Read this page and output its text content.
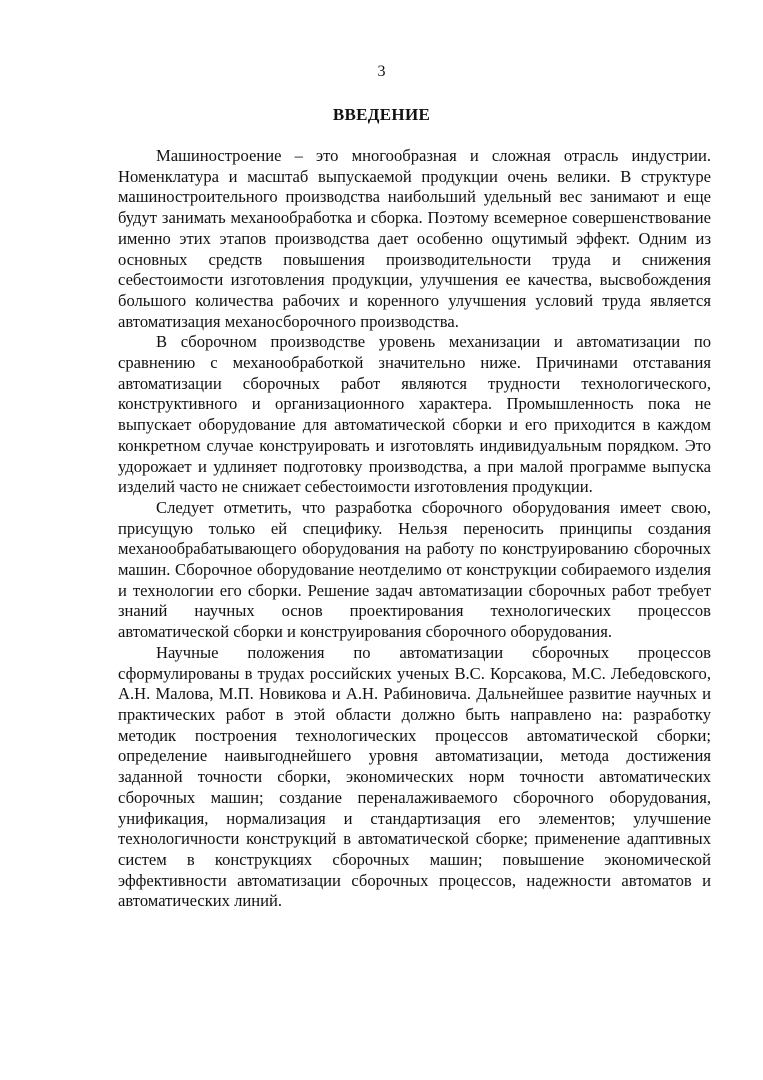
3
ВВЕДЕНИЕ

Машиностроение – это многообразная и сложная отрасль индустрии. Номенклатура и масштаб выпускаемой продукции очень велики. В структуре машиностроительного производства наибольший удельный вес занимают и еще будут занимать механообработка и сборка. Поэтому всемерное совершенствование именно этих этапов производства дает особенно ощутимый эффект. Одним из основных средств повышения производительности труда и снижения себестоимости изготовления продукции, улучшения ее качества, высвобождения большого количества рабочих и коренного улучшения условий труда является автоматизация механосборочного производства.

В сборочном производстве уровень механизации и автоматизации по сравнению с механообработкой значительно ниже. Причинами отставания автоматизации сборочных работ являются трудности технологического, конструктивного и организационного характера. Промышленность пока не выпускает оборудование для автоматической сборки и его приходится в каждом конкретном случае конструировать и изготовлять индивидуальным порядком. Это удорожает и удлиняет подготовку производства, а при малой программе выпуска изделий часто не снижает себестоимости изготовления продукции.

Следует отметить, что разработка сборочного оборудования имеет свою, присущую только ей специфику. Нельзя переносить принципы создания механообрабатывающего оборудования на работу по конструированию сборочных машин. Сборочное оборудование неотделимо от конструкции собираемого изделия и технологии его сборки. Решение задач автоматизации сборочных работ требует знаний научных основ проектирования технологических процессов автоматической сборки и конструирования сборочного оборудования.

Научные положения по автоматизации сборочных процессов сформулированы в трудах российских ученых В.С. Корсакова, М.С. Лебедовского, А.Н. Малова, М.П. Новикова и А.Н. Рабиновича. Дальнейшее развитие научных и практических работ в этой области должно быть направлено на: разработку методик построения технологических процессов автоматической сборки; определение наивыгоднейшего уровня автоматизации, метода достижения заданной точности сборки, экономических норм точности автоматических сборочных машин; создание переналаживаемого сборочного оборудования, унификация, нормализация и стандартизация его элементов; улучшение технологичности конструкций в автоматической сборке; применение адаптивных систем в конструкциях сборочных машин; повышение экономической эффективности автоматизации сборочных процессов, надежности автоматов и автоматических линий.
